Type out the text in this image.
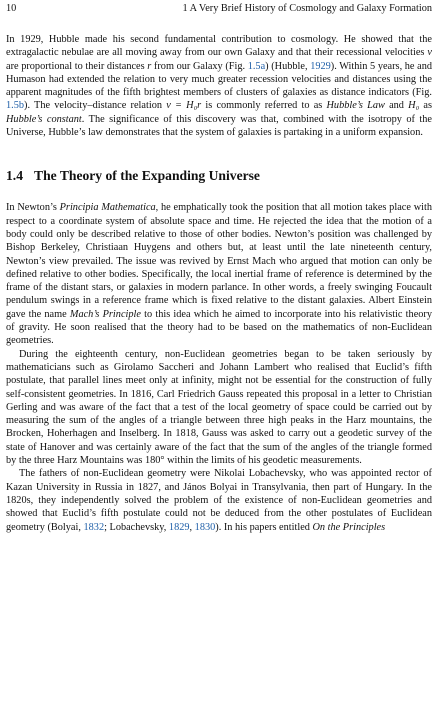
10	1 A Very Brief History of Cosmology and Galaxy Formation

In 1929, Hubble made his second fundamental contribution to cosmology. He showed that the extragalactic nebulae are all moving away from our own Galaxy and that their recessional velocities v are proportional to their distances r from our Galaxy (Fig. 1.5a) (Hubble, 1929). Within 5 years, he and Humason had extended the relation to very much greater recession velocities and distances using the apparent magnitudes of the fifth brightest members of clusters of galaxies as distance indicators (Fig. 1.5b). The velocity–distance relation v = H₀r is commonly referred to as Hubble’s Law and H₀ as Hubble’s constant. The significance of this discovery was that, combined with the isotropy of the Universe, Hubble’s law demonstrates that the system of galaxies is partaking in a uniform expansion.

1.4 The Theory of the Expanding Universe

In Newton’s Principia Mathematica, he emphatically took the position that all motion takes place with respect to a coordinate system of absolute space and time. He rejected the idea that the motion of a body could only be described relative to those of other bodies. Newton’s position was challenged by Bishop Berkeley, Christiaan Huygens and others but, at least until the late nineteenth century, Newton’s view prevailed. The issue was revived by Ernst Mach who argued that motion can only be defined relative to other bodies. Specifically, the local inertial frame of reference is determined by the frame of the distant stars, or galaxies in modern parlance. In other words, a freely swinging Foucault pendulum swings in a reference frame which is fixed relative to the distant galaxies. Albert Einstein gave the name Mach’s Principle to this idea which he aimed to incorporate into his relativistic theory of gravity. He soon realised that the theory had to be based on the mathematics of non-Euclidean geometries.

During the eighteenth century, non-Euclidean geometries began to be taken seriously by mathematicians such as Girolamo Saccheri and Johann Lambert who realised that Euclid’s fifth postulate, that parallel lines meet only at infinity, might not be essential for the construction of fully self-consistent geometries. In 1816, Carl Friedrich Gauss repeated this proposal in a letter to Christian Gerling and was aware of the fact that a test of the local geometry of space could be carried out by measuring the sum of the angles of a triangle between three high peaks in the Harz mountains, the Brocken, Hoherhagen and Inselberg. In 1818, Gauss was asked to carry out a geodetic survey of the state of Hanover and was certainly aware of the fact that the sum of the angles of the triangle formed by the three Harz Mountains was 180° within the limits of his geodetic measurements.

The fathers of non-Euclidean geometry were Nikolai Lobachevsky, who was appointed rector of Kazan University in Russia in 1827, and János Bolyai in Transylvania, then part of Hungary. In the 1820s, they independently solved the problem of the existence of non-Euclidean geometries and showed that Euclid’s fifth postulate could not be deduced from the other postulates of Euclidean geometry (Bolyai, 1832; Lobachevsky, 1829, 1830). In his papers entitled On the Principles
